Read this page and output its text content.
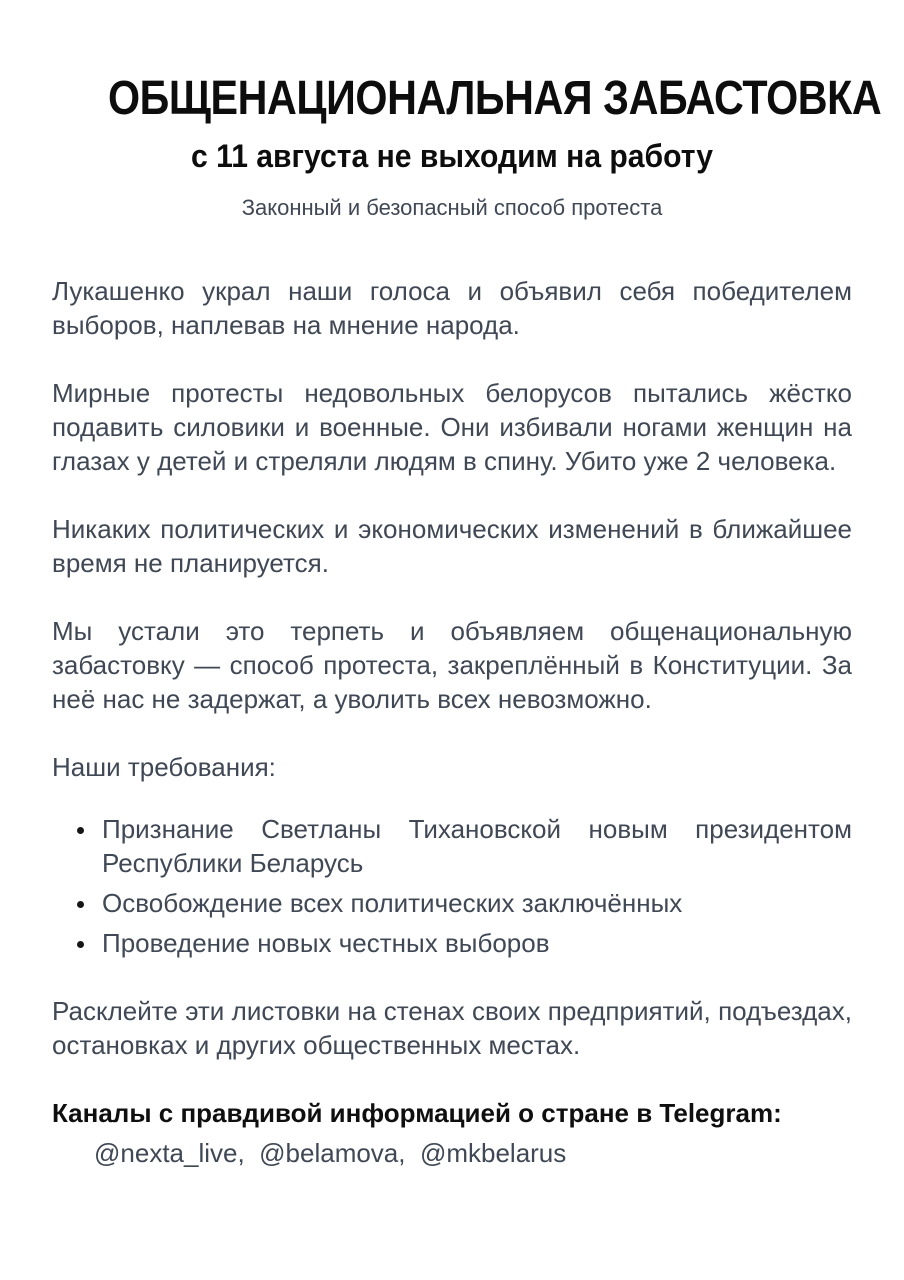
ОБЩЕНАЦИОНАЛЬНАЯ ЗАБАСТОВКА
с 11 августа не выходим на работу
Законный и безопасный способ протеста

Лукашенко украл наши голоса и объявил себя победителем выборов, наплевав на мнение народа.

Мирные протесты недовольных белорусов пытались жёстко подавить силовики и военные. Они избивали ногами женщин на глазах у детей и стреляли людям в спину. Убито уже 2 человека.

Никаких политических и экономических изменений в ближайшее время не планируется.

Мы устали это терпеть и объявляем общенациональную забастовку — способ протеста, закреплённый в Конституции. За неё нас не задержат, а уволить всех невозможно.

Наши требования:

• Признание Светланы Тихановской новым президентом Республики Беларусь
• Освобождение всех политических заключённых
• Проведение новых честных выборов

Расклейте эти листовки на стенах своих предприятий, подъездах, остановках и других общественных местах.

Каналы с правдивой информацией о стране в Telegram:

@nexta_live,  @belamova,  @mkbelarus
